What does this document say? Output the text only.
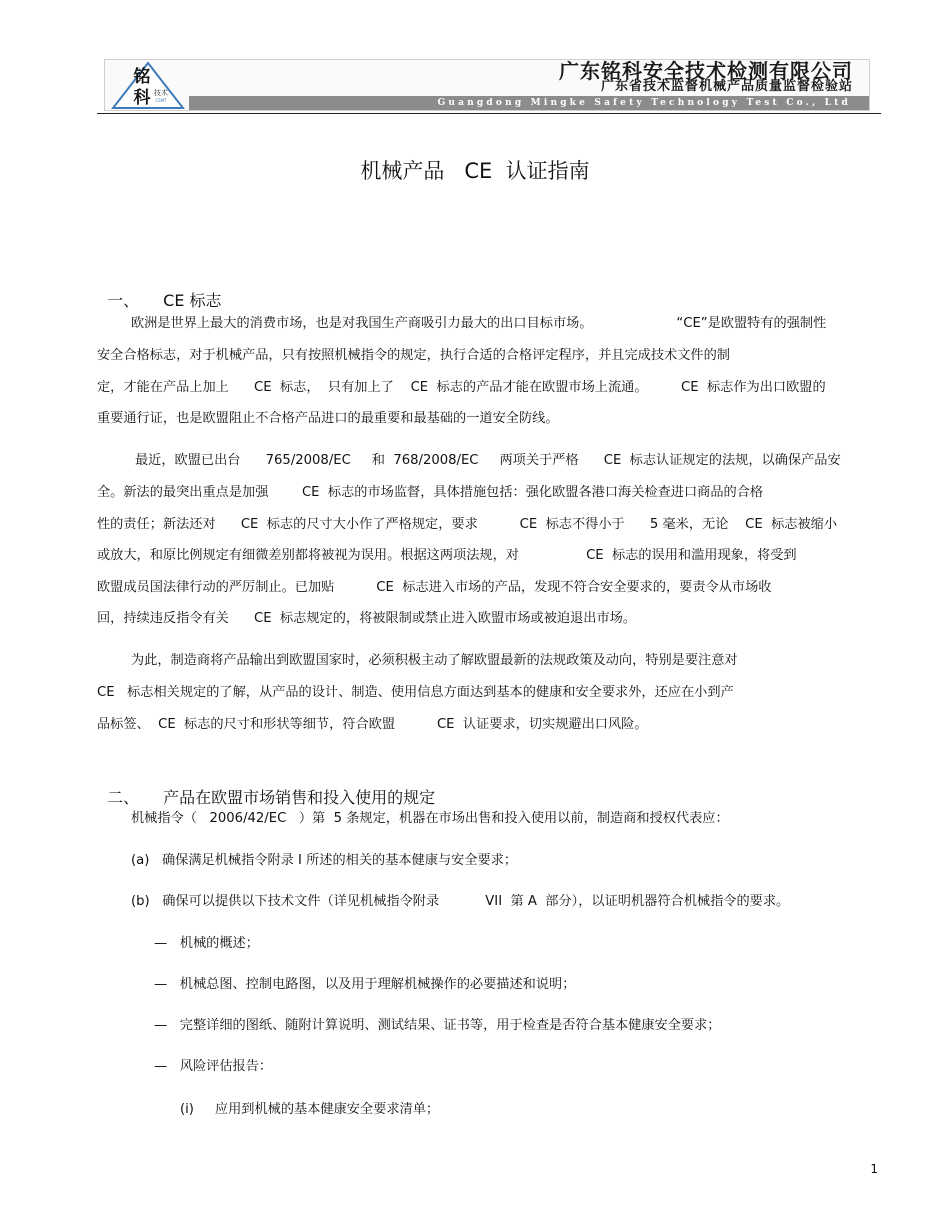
铭
科 技术
CSMT
广东铭科安全技术检测有限公司
广东省技术监督机械产品质量监督检验站
Guangdong Mingke Safety Technology Test Co., Ltd
机械产品   CE  认证指南

一、 CE 标志

欧洲是世界上最大的消费市场，也是对我国生产商吸引力最大的出口目标市场。                    “CE”是欧盟特有的强制性
安全合格标志，对于机械产品，只有按照机械指令的规定，执行合适的合格评定程序，并且完成技术文件的制
定，才能在产品上加上      CE  标志，  只有加上了    CE  标志的产品才能在欧盟市场上流通。        CE  标志作为出口欧盟的
重要通行证，也是欧盟阻止不合格产品进口的最重要和最基础的一道安全防线。
最近，欧盟已出台      765/2008/EC     和  768/2008/EC     两项关于严格      CE  标志认证规定的法规，以确保产品安
全。新法的最突出重点是加强        CE  标志的市场监督，具体措施包括：强化欧盟各港口海关检查进口商品的合格
性的责任；新法还对      CE  标志的尺寸大小作了严格规定，要求          CE  标志不得小于      5 毫米，无论    CE  标志被缩小
或放大，和原比例规定有细微差别都将被视为误用。根据这两项法规，对                CE  标志的误用和滥用现象，将受到
欧盟成员国法律行动的严厉制止。已加贴          CE  标志进入市场的产品，发现不符合安全要求的，要责令从市场收
回，持续违反指令有关      CE  标志规定的，将被限制或禁止进入欧盟市场或被迫退出市场。
为此，制造商将产品输出到欧盟国家时，必须积极主动了解欧盟最新的法规政策及动向，特别是要注意对
CE   标志相关规定的了解，从产品的设计、制造、使用信息方面达到基本的健康和安全要求外，还应在小到产
品标签、  CE  标志的尺寸和形状等细节，符合欧盟          CE  认证要求，切实规避出口风险。

二、 产品在欧盟市场销售和投入使用的规定

机械指令（   2006/42/EC   ）第  5 条规定，机器在市场出售和投入使用以前，制造商和授权代表应：
(a)   确保满足机械指令附录 I 所述的相关的基本健康与安全要求；
(b)   确保可以提供以下技术文件（详见机械指令附录           VII  第 A  部分），以证明机器符合机械指令的要求。
—   机械的概述；
—   机械总图、控制电路图，以及用于理解机械操作的必要描述和说明；
—   完整详细的图纸、随附计算说明、测试结果、证书等，用于检查是否符合基本健康安全要求；
—   风险评估报告：
(i)     应用到机械的基本健康安全要求清单；
1
